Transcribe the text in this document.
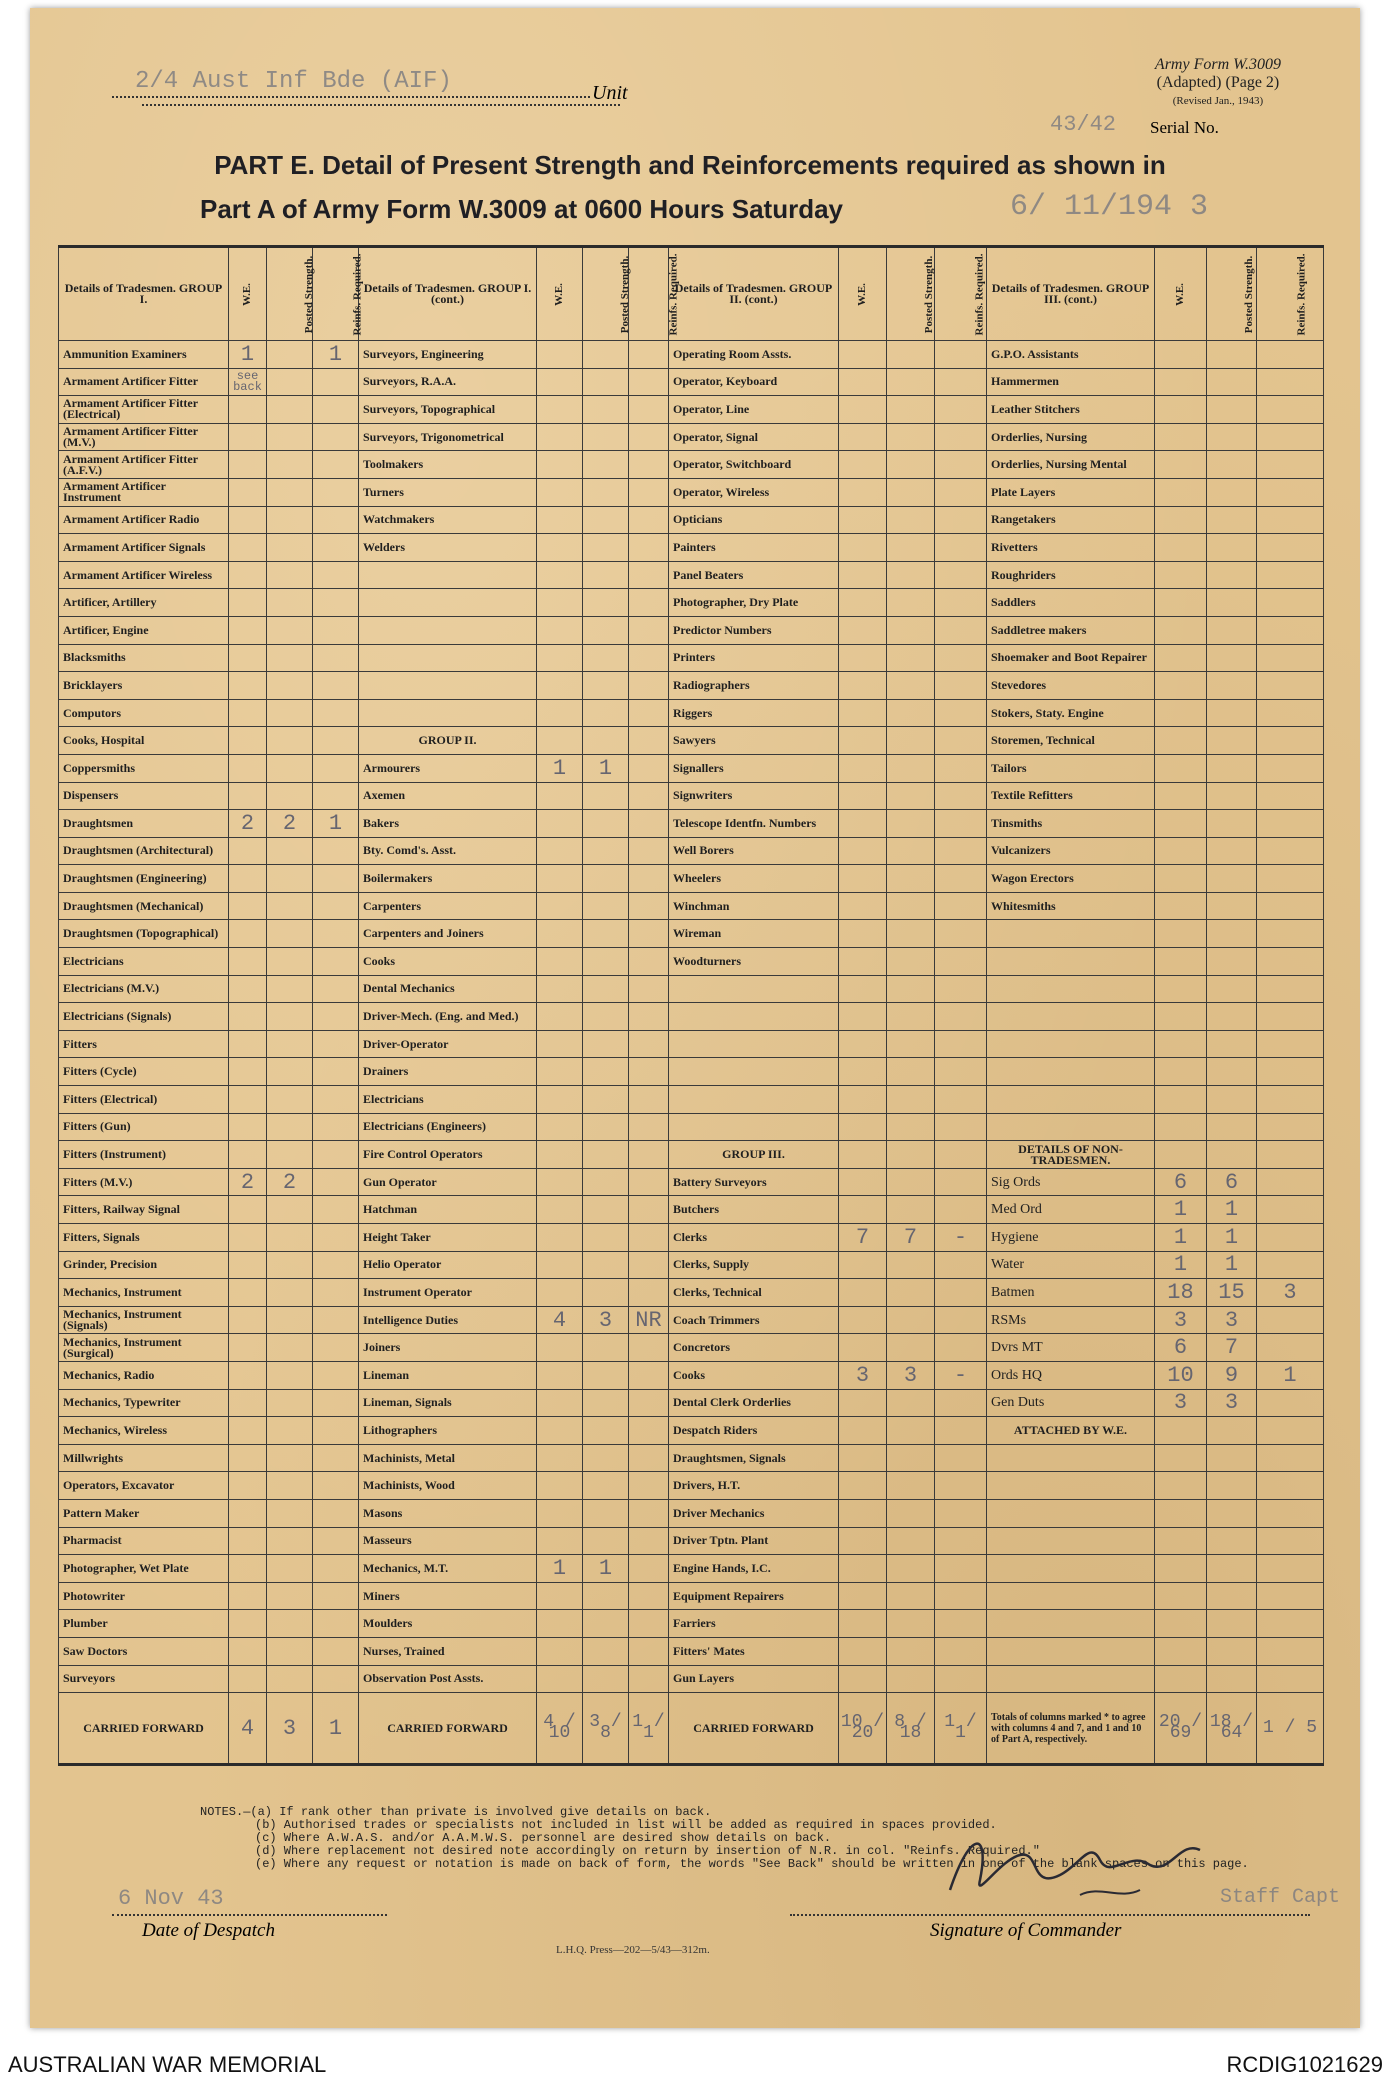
2/4 Aust Inf Bde (AIF)	Unit
Army Form W.3009
(Adapted) (Page 2)
(Revised Jan., 1943)
43/42 Serial No.
PART E. Detail of Present Strength and Reinforcements required as shown in
Part A of Army Form W.3009 at 0600 Hours Saturday	6/ 11/194 3
Details of Tradesmen. GROUP I.	W.E.	Posted Strength.	Reinfs. Required.	Details of Tradesmen. GROUP I. (cont.)	W.E.	Posted Strength.	Reinfs. Required.	Details of Tradesmen. GROUP II. (cont.)	W.E.	Posted Strength.	Reinfs. Required.	Details of Tradesmen. GROUP III. (cont.)	W.E.	Posted Strength.	Reinfs. Required.
Ammunition Examiners	1		1	Surveyors, Engineering				Operating Room Assts.				G.P.O. Assistants			
Armament Artificer Fitter	see back			Surveyors, R.A.A.				Operator, Keyboard				Hammermen			
Armament Artificer Fitter (Electrical)				Surveyors, Topographical				Operator, Line				Leather Stitchers			
Armament Artificer Fitter (M.V.)				Surveyors, Trigonometrical				Operator, Signal				Orderlies, Nursing			
Armament Artificer Fitter (A.F.V.)				Toolmakers				Operator, Switchboard				Orderlies, Nursing Mental			
Armament Artificer Instrument				Turners				Operator, Wireless				Plate Layers			
Armament Artificer Radio				Watchmakers				Opticians				Rangetakers			
Armament Artificer Signals				Welders				Painters				Rivetters			
Armament Artificer Wireless								Panel Beaters				Roughriders			
Artificer, Artillery								Photographer, Dry Plate				Saddlers			
Artificer, Engine								Predictor Numbers				Saddletree makers			
Blacksmiths								Printers				Shoemaker and Boot Repairer			
Bricklayers								Radiographers				Stevedores			
Computors								Riggers				Stokers, Staty. Engine			
Cooks, Hospital				GROUP II.				Sawyers				Storemen, Technical			
Coppersmiths				Armourers	1	1		Signallers				Tailors			
Dispensers				Axemen				Signwriters				Textile Refitters			
Draughtsmen	2	2	1	Bakers				Telescope Identfn. Numbers				Tinsmiths			
Draughtsmen (Architectural)				Bty. Comd's. Asst.				Well Borers				Vulcanizers			
Draughtsmen (Engineering)				Boilermakers				Wheelers				Wagon Erectors			
Draughtsmen (Mechanical)				Carpenters				Winchman				Whitesmiths			
Draughtsmen (Topographical)				Carpenters and Joiners				Wireman							
Electricians				Cooks				Woodturners							
Electricians (M.V.)				Dental Mechanics											
Electricians (Signals)				Driver-Mech. (Eng. and Med.)											
Fitters				Driver-Operator											
Fitters (Cycle)				Drainers											
Fitters (Electrical)				Electricians											
Fitters (Gun)				Electricians (Engineers)											
Fitters (Instrument)				Fire Control Operators				GROUP III.				DETAILS OF NON-TRADESMEN.			
Fitters (M.V.)	2	2		Gun Operator				Battery Surveyors				Sig Ords	6	6	
Fitters, Railway Signal				Hatchman				Butchers				Med Ord	1	1	
Fitters, Signals				Height Taker				Clerks	7	7	-	Hygiene	1	1	
Grinder, Precision				Helio Operator				Clerks, Supply				Water	1	1	
Mechanics, Instrument				Instrument Operator				Clerks, Technical				Batmen	18	15	3
Mechanics, Instrument (Signals)				Intelligence Duties	4	3	NR	Coach Trimmers				RSMs	3	3	
Mechanics, Instrument (Surgical)				Joiners				Concretors				Dvrs MT	6	7	
Mechanics, Radio				Lineman				Cooks	3	3	-	Ords HQ	10	9	1
Mechanics, Typewriter				Lineman, Signals				Dental Clerk Orderlies				Gen Duts	3	3	
Mechanics, Wireless				Lithographers				Despatch Riders				ATTACHED BY W.E.			
Millwrights				Machinists, Metal				Draughtsmen, Signals							
Operators, Excavator				Machinists, Wood				Drivers, H.T.							
Pattern Maker				Masons				Driver Mechanics							
Pharmacist				Masseurs				Driver Tptn. Plant							
Photographer, Wet Plate				Mechanics, M.T.	1	1		Engine Hands, I.C.							
Photowriter				Miners				Equipment Repairers							
Plumber				Moulders				Farriers							
Saw Doctors				Nurses, Trained				Fitters' Mates							
Surveyors				Observation Post Assts.				Gun Layers							
CARRIED FORWARD	4	3	1	CARRIED FORWARD	4 / 10	3 / 8	1 / 1	CARRIED FORWARD	10 / 20	8 / 18	1 / 1	Totals of columns marked * to agree with columns 4 and 7, and 1 and 10 of Part A, respectively.	20 / 69	18 / 64	1 / 5
NOTES.—(a) If rank other than private is involved give details on back.
(b) Authorised trades or specialists not included in list will be added as required in spaces provided.
(c) Where A.W.A.S. and/or A.A.M.W.S. personnel are desired show details on back.
(d) Where replacement not desired note accordingly on return by insertion of N.R. in col. "Reinfs. Required."
(e) Where any request or notation is made on back of form, the words "See Back" should be written in one of the blank spaces on this page.
6 Nov 43
Date of Despatch
Staff Capt
Signature of Commander
L.H.Q. Press—202—5/43—312m.
AUSTRALIAN WAR MEMORIAL	RCDIG1021629
